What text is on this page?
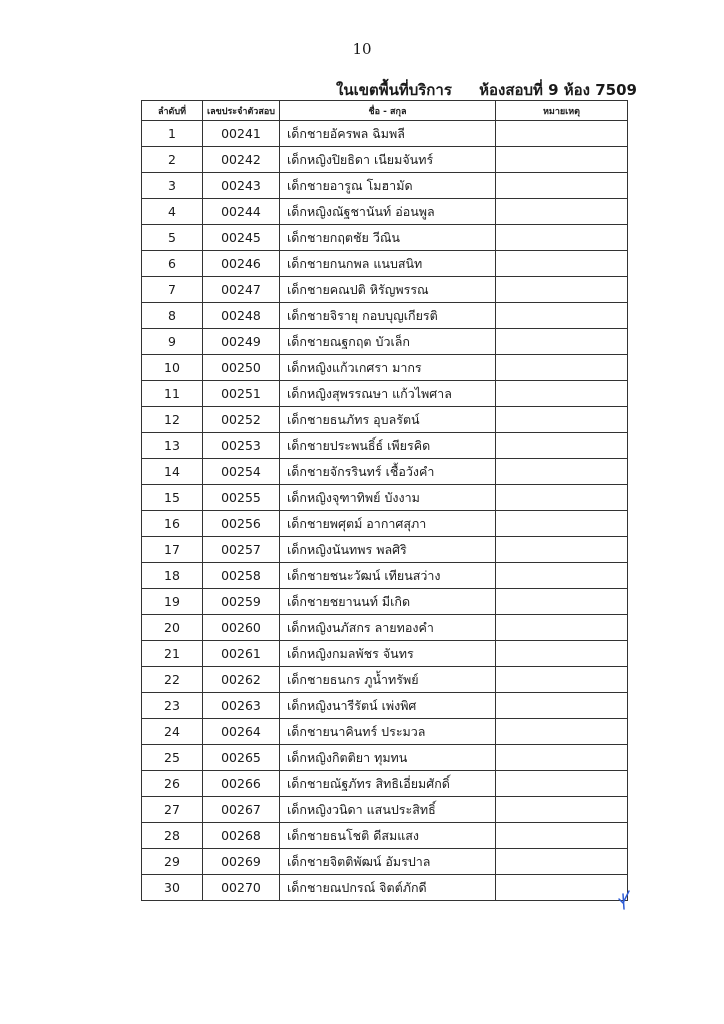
10
ในเขตพื้นที่บริการ ห้องสอบที่ 9 ห้อง 7509
ลำดับที่	เลขประจำตัวสอบ	ชื่อ - สกุล	หมายเหตุ
1	00241	เด็กชายอัครพล ฉิมพลี	
2	00242	เด็กหญิงปิยธิดา เนียมจันทร์	
3	00243	เด็กชายอารูณ โมฮามัด	
4	00244	เด็กหญิงณัฐชานันท์ อ่อนพูล	
5	00245	เด็กชายกฤตชัย วีณิน	
6	00246	เด็กชายกนกพล แนบสนิท	
7	00247	เด็กชายคณปติ หิรัญพรรณ	
8	00248	เด็กชายจิรายุ กอบบุญเกียรติ	
9	00249	เด็กชายณฐกฤต บัวเล็ก	
10	00250	เด็กหญิงแก้วเกศรา มากร	
11	00251	เด็กหญิงสุพรรณษา แก้วไพศาล	
12	00252	เด็กชายธนภัทร อุบลรัตน์	
13	00253	เด็กชายประพนธิ์ธ์ เพียรคิด	
14	00254	เด็กชายจักรรินทร์ เชื้อวังคำ	
15	00255	เด็กหญิงจุฑาทิพย์ บังงาม	
16	00256	เด็กชายพศุตม์ อากาศสุภา	
17	00257	เด็กหญิงนันทพร พลศิริ	
18	00258	เด็กชายชนะวัฒน์ เทียนสว่าง	
19	00259	เด็กชายชยานนท์ มีเกิด	
20	00260	เด็กหญิงนภัสกร ลายทองคำ	
21	00261	เด็กหญิงกมลพัชร จันทร	
22	00262	เด็กชายธนกร ภูน้ำทรัพย์	
23	00263	เด็กหญิงนารีรัตน์ เพ่งพิศ	
24	00264	เด็กชายนาคินทร์ ประมวล	
25	00265	เด็กหญิงกิตติยา ทุมทน	
26	00266	เด็กชายณัฐภัทร สิทธิเอี่ยมศักดิ์	
27	00267	เด็กหญิงวนิดา แสนประสิทธิ์	
28	00268	เด็กชายธนโชติ ดีสมแสง	
29	00269	เด็กชายจิตติพัฒน์ อัมรปาล	
30	00270	เด็กชายณปกรณ์ จิตต์ภักดี	
